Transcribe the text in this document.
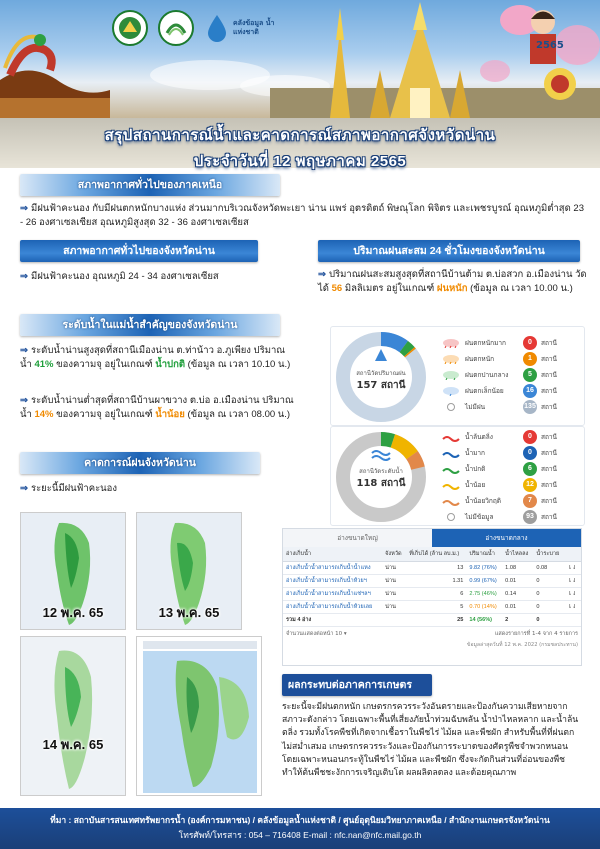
คลังข้อมูล น้ำ แห่งชาติ
2565
สรุปสถานการณ์น้ำและคาดการณ์สภาพอากาศจังหวัดน่าน
ประจำวันที่ 12 พฤษภาคม 2565
สภาพอากาศทั่วไปของภาคเหนือ
⇒ มีฝนฟ้าคะนอง กับมีฝนตกหนักบางแห่ง ส่วนมากบริเวณจังหวัดพะเยา น่าน แพร่ อุตรดิตถ์ พิษณุโลก พิจิตร และเพชรบูรณ์ อุณหภูมิต่ำสุด 23 - 26 องศาเซลเซียส อุณหภูมิสูงสุด 32 - 36 องศาเซลเซียส
สภาพอากาศทั่วไปของจังหวัดน่าน
⇒ มีฝนฟ้าคะนอง อุณหภูมิ 24 - 34 องศาเซลเซียส
ปริมาณฝนสะสม 24 ชั่วโมงของจังหวัดน่าน
⇒ ปริมาณฝนสะสมสูงสุดที่สถานีบ้านต้าม ต.บ่อสวก อ.เมืองน่าน วัดได้ 56 มิลลิเมตร อยู่ในเกณฑ์ ฝนหนัก (ข้อมูล ณ เวลา 10.00 น.)
ระดับน้ำในแม่น้ำสำคัญของจังหวัดน่าน
⇒ ระดับน้ำน่านสูงสุดที่สถานีเมืองน่าน ต.ท่าน้าว อ.ภูเพียง ปริมาณน้ำ 41% ของความจุ อยู่ในเกณฑ์ น้ำปกติ (ข้อมูล ณ เวลา 10.10 น.)
⇒ ระดับน้ำน่านต่ำสุดที่สถานีบ้านผาขวาง ต.บ่อ อ.เมืองน่าน ปริมาณน้ำ 14% ของความจุ อยู่ในเกณฑ์ น้ำน้อย (ข้อมูล ณ เวลา 08.00 น.)
คาดการณ์ฝนจังหวัดน่าน
⇒ ระยะนี้มีฝนฟ้าคะนอง
12 พ.ค. 65	13 พ.ค. 65
14 พ.ค. 65
สถานีวัดปริมาณฝน
157 สถานี
ฝนตกหนักมาก	0	สถานี
ฝนตกหนัก	1	สถานี
ฝนตกปานกลาง	5	สถานี
ฝนตกเล็กน้อย	16	สถานี
ไม่มีฝน	135 สถานี
สถานีวัดระดับน้ำ
118 สถานี
น้ำล้นตลิ่ง	0	สถานี
น้ำมาก	0	สถานี
น้ำปกติ	6	สถานี
น้ำน้อย	12	สถานี
น้ำน้อยวิกฤติ	7	สถานี
ไม่มีข้อมูล	93	สถานี
อ่างขนาดใหญ่	อ่างขนาดกลาง
อ่างเก็บน้ำ	จังหวัด	ที่เก็บได้ (ล้าน ลบ.ม.)	ปริมาณน้ำ	น้ำไหลลง	น้ำระบาย	
อ่างเก็บน้ำน้ำสามารถเก็บน้ำน้ำแหง	น่าน	13	9.82 (76%)	1.08	0.08	⇂⇃
อ่างเก็บน้ำน้ำสามารถเก็บน้ำห้วยฯ	น่าน	1.31	0.99 (67%)	0.01	0	⇂⇃
อ่างเก็บน้ำน้ำสามารถเก็บน้ำแช่ฯลฯ	น่าน	6	2.75 (46%)	0.14	0	⇂⇃
อ่างเก็บน้ำน้ำสามารถเก็บน้ำห้วยเลย	น่าน	5	0.70 (14%)	0.01	0	⇂⇃
รวม 4 อ่าง		25	14 (56%)	2	0	
จำนวนแสดงต่อหน้า 10 ▾	แสดงรายการที่ 1-4 จาก 4 รายการ
ข้อมูลล่าสุดวันที่ 12 พ.ค. 2022 (กรมชลประทาน)
ผลกระทบต่อภาคการเกษตร
ระยะนี้จะมีฝนตกหนัก เกษตรกรควรระวังอันตรายและป้องกันความเสียหายจากสภาวะดังกล่าว โดยเฉพาะพื้นที่เสี่ยงภัยน้ำท่วมฉับพลัน น้ำป่าไหลหลาก และน้ำล้นตลิ่ง รวมทั้งโรคพืชที่เกิดจากเชื้อราในพืชไร่ ไม้ผล และพืชผัก สำหรับพื้นที่ที่ฝนตกไม่สม่ำเสมอ เกษตรกรควรระวังและป้องกันการระบาดของศัตรูพืชจำพวกหนอน โดยเฉพาะหนอนกระทู้ในพืชไร่ ไม้ผล และพืชผัก ซึ่งจะกัดกินส่วนที่อ่อนของพืช ทำให้ต้นพืชชะงักการเจริญเติบโต ผลผลิตลดลง และด้อยคุณภาพ
ที่มา : สถาบันสารสนเทศทรัพยากรน้ำ (องค์การมหาชน) / คลังข้อมูลน้ำแห่งชาติ / ศูนย์อุตุนิยมวิทยาภาคเหนือ / สำนักงานเกษตรจังหวัดน่าน
โทรศัพท์/โทรสาร : 054 – 716408 E-mail : nfc.nan@nfc.mail.go.th
